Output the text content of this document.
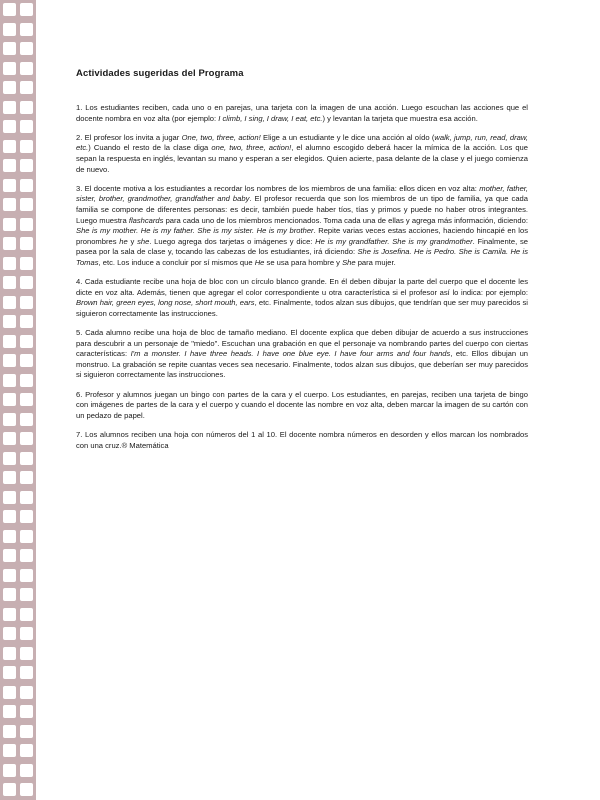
Actividades sugeridas del Programa
1. Los estudiantes reciben, cada uno o en parejas, una tarjeta con la imagen de una acción. Luego escuchan las acciones que el docente nombra en voz alta (por ejemplo: I climb, I sing, I draw, I eat, etc.) y levantan la tarjeta que muestra esa acción.
2. El profesor los invita a jugar One, two, three, action! Elige a un estudiante y le dice una acción al oído (walk, jump, run, read, draw, etc.) Cuando el resto de la clase diga one, two, three, action!, el alumno escogido deberá hacer la mímica de la acción. Los que sepan la respuesta en inglés, levantan su mano y esperan a ser elegidos. Quien acierte, pasa delante de la clase y el juego comienza de nuevo.
3. El docente motiva a los estudiantes a recordar los nombres de los miembros de una familia: ellos dicen en voz alta: mother, father, sister, brother, grandmother, grandfather and baby. El profesor recuerda que son los miembros de un tipo de familia, ya que cada familia se compone de diferentes personas: es decir, también puede haber tíos, tías y primos y puede no haber otros integrantes. Luego muestra flashcards para cada uno de los miembros mencionados. Toma cada una de ellas y agrega más información, diciendo: She is my mother. He is my father. She is my sister. He is my brother. Repite varias veces estas acciones, haciendo hincapié en los pronombres he y she. Luego agrega dos tarjetas o imágenes y dice: He is my grandfather. She is my grandmother. Finalmente, se pasea por la sala de clase y, tocando las cabezas de los estudiantes, irá diciendo: She is Josefina. He is Pedro. She is Camila. He is Tomas, etc. Los induce a concluir por sí mismos que He se usa para hombre y She para mujer.
4. Cada estudiante recibe una hoja de bloc con un círculo blanco grande. En él deben dibujar la parte del cuerpo que el docente les dicte en voz alta. Además, tienen que agregar el color correspondiente u otra característica si el profesor así lo indica: por ejemplo: Brown hair, green eyes, long nose, short mouth, ears, etc. Finalmente, todos alzan sus dibujos, que tendrían que ser muy parecidos si siguieron correctamente las instrucciones.
5. Cada alumno recibe una hoja de bloc de tamaño mediano. El docente explica que deben dibujar de acuerdo a sus instrucciones para descubrir a un personaje de "miedo". Escuchan una grabación en que el personaje va nombrando partes del cuerpo con ciertas características: I'm a monster. I have three heads. I have one blue eye. I have four arms and four hands, etc. Ellos dibujan un monstruo. La grabación se repite cuantas veces sea necesario. Finalmente, todos alzan sus dibujos, que deberían ser muy parecidos si siguieron correctamente las instrucciones.
6. Profesor y alumnos juegan un bingo con partes de la cara y el cuerpo. Los estudiantes, en parejas, reciben una tarjeta de bingo con imágenes de partes de la cara y el cuerpo y cuando el docente las nombre en voz alta, deben marcar la imagen de su cartón con un pedazo de papel.
7. Los alumnos reciben una hoja con números del 1 al 10. El docente nombra números en desorden y ellos marcan los nombrados con una cruz.® Matemática
